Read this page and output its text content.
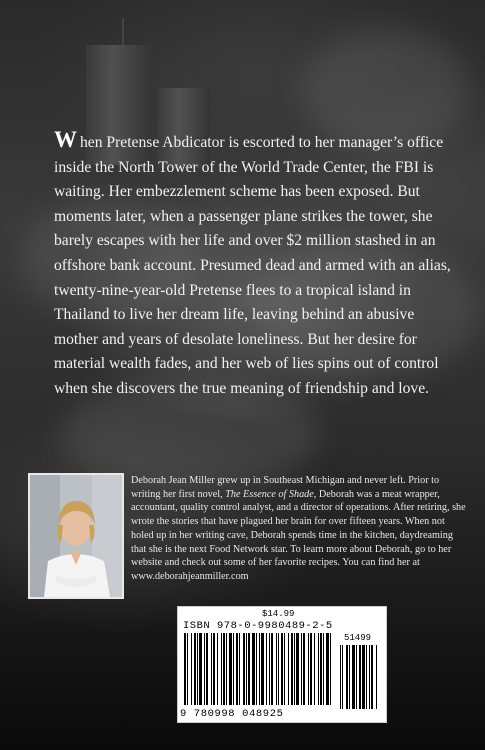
W hen Pretense Abdicator is escorted to her manager’s office inside the North Tower of the World Trade Center, the FBI is waiting. Her embezzlement scheme has been exposed. But moments later, when a passenger plane strikes the tower, she barely escapes with her life and over $2 million stashed in an offshore bank account. Presumed dead and armed with an alias, twenty-nine-year-old Pretense flees to a tropical island in Thailand to live her dream life, leaving behind an abusive mother and years of desolate loneliness. But her desire for material wealth fades, and her web of lies spins out of control when she discovers the true meaning of friendship and love.

Deborah Jean Miller grew up in Southeast Michigan and never left. Prior to writing her first novel, The Essence of Shade, Deborah was a meat wrapper, accountant, quality control analyst, and a director of operations. After retiring, she wrote the stories that have plagued her brain for over fifteen years. When not holed up in her writing cave, Deborah spends time in the kitchen, daydreaming that she is the next Food Network star. To learn more about Deborah, go to her website and check out some of her favorite recipes. You can find her at www.deborahjeanmiller.com

$14.99
ISBN 978-0-9980489-2-5
51499
9 780998 048925
